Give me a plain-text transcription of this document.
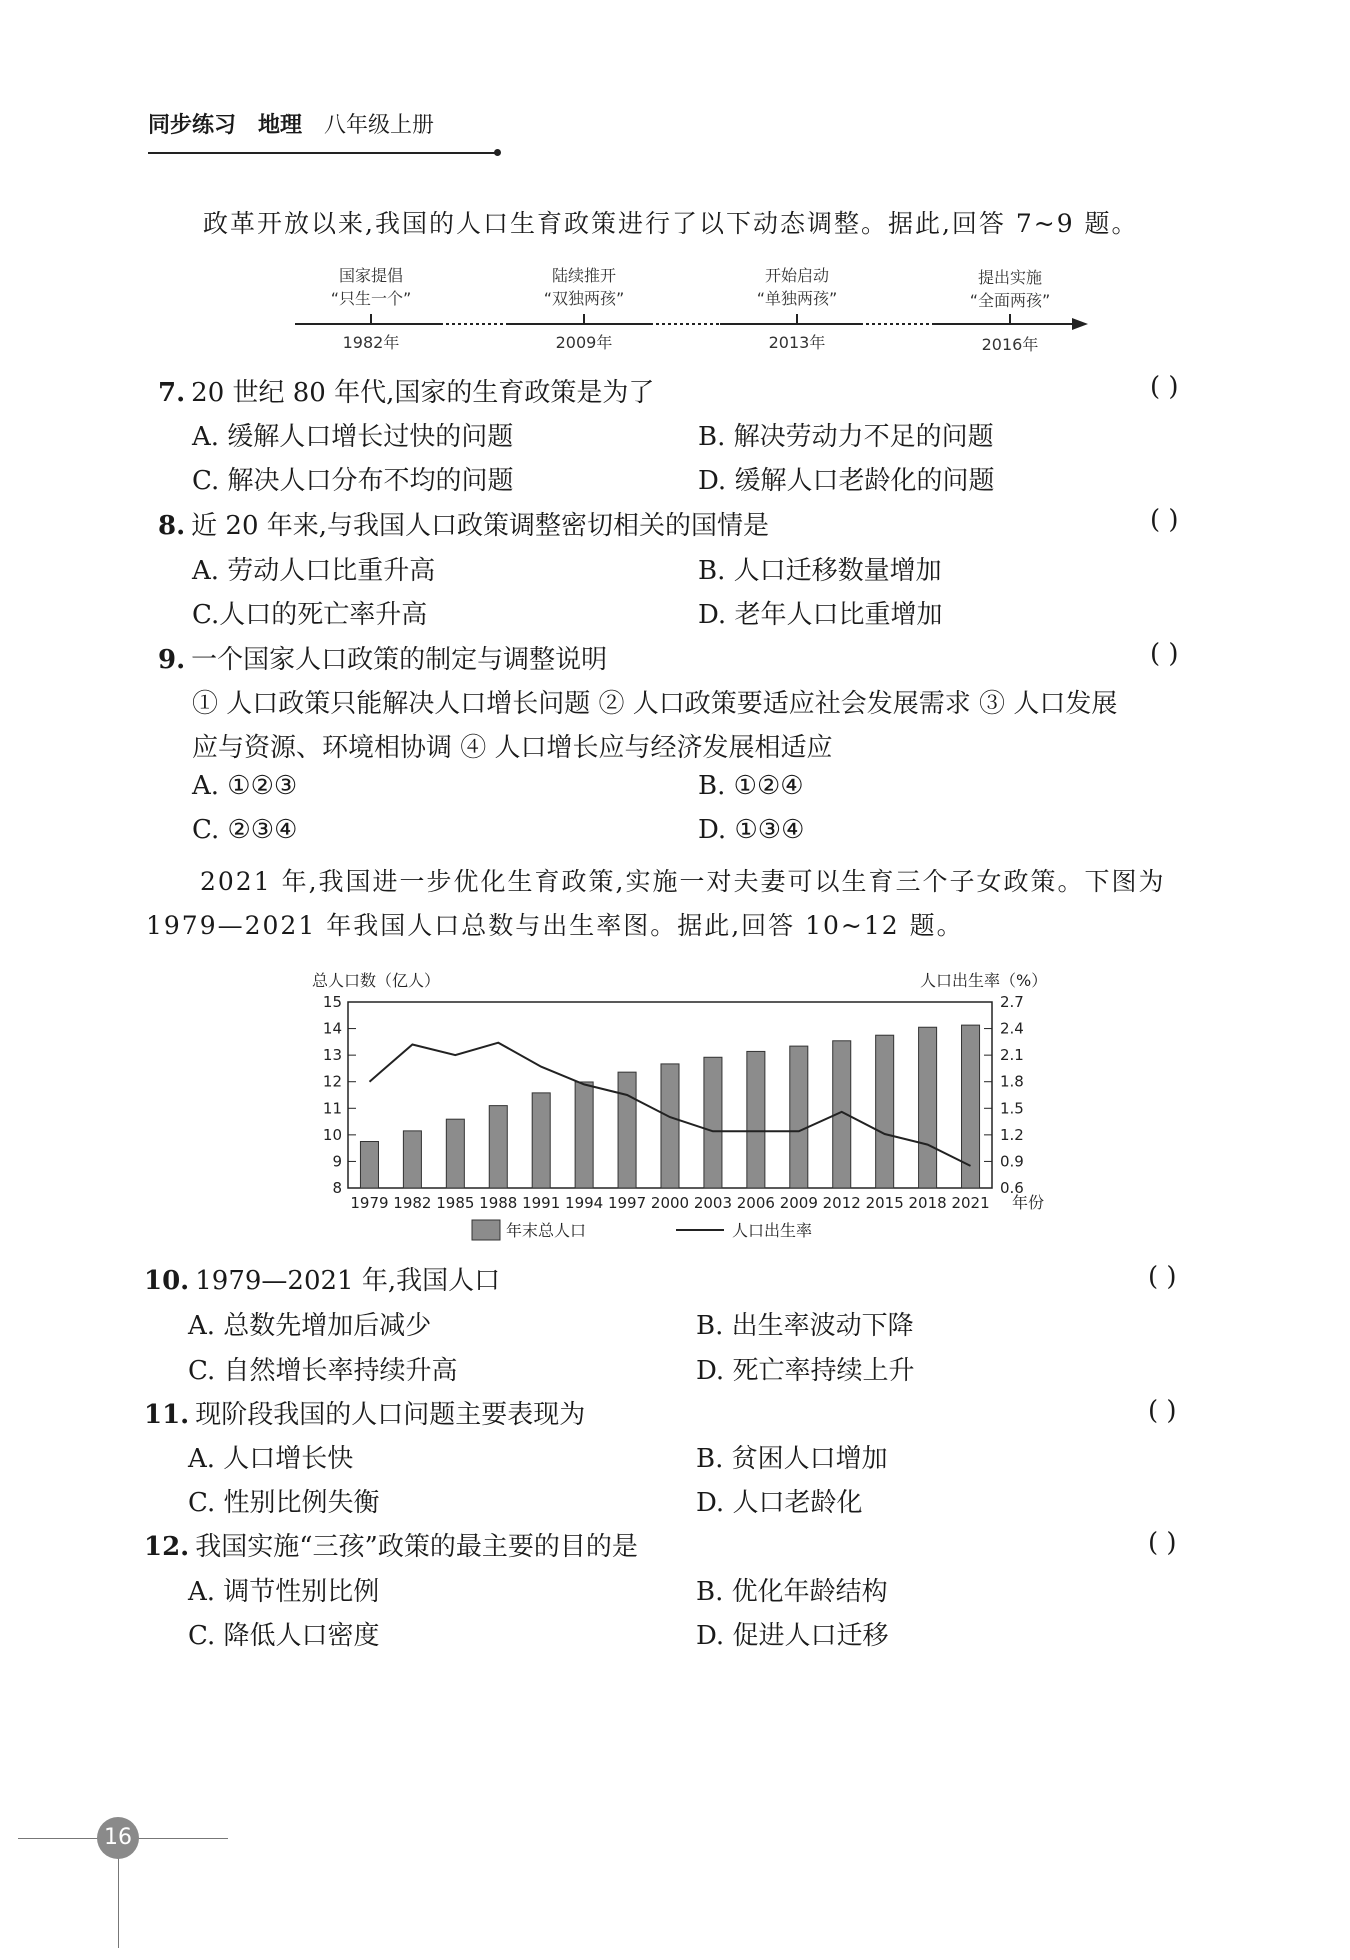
同步练习 地理 八年级上册
政革开放以来,我国的人口生育政策进行了以下动态调整。据此,回答 7~9 题。
国家提倡
“只生一个”
陆续推开
“双独两孩”
开始启动
“单独两孩”
提出实施
“全面两孩”
1982年	2009年	2013年	2016年
7. 20 世纪 80 年代,国家的生育政策是为了	( )
A. 缓解人口增长过快的问题	B. 解决劳动力不足的问题
C. 解决人口分布不均的问题	D. 缓解人口老龄化的问题
8. 近 20 年来,与我国人口政策调整密切相关的国情是	( )
A. 劳动人口比重升高	B. 人口迁移数量增加
C.人口的死亡率升高	D. 老年人口比重增加
9. 一个国家人口政策的制定与调整说明	( )
① 人口政策只能解决人口增长问题 ② 人口政策要适应社会发展需求 ③ 人口发展
应与资源、环境相协调 ④ 人口增长应与经济发展相适应
A. ①②③	B. ①②④
C. ②③④	D. ①③④
2021 年,我国进一步优化生育政策,实施一对夫妻可以生育三个子女政策。下图为
1979—2021 年我国人口总数与出生率图。据此,回答 10~12 题。
总人口数（亿人）	人口出生率（%）
8
9
10
11
12
13
14
15
0.6
0.9
1.2
1.5
1.8
2.1
2.4
2.7
1979 1982 1985 1988 1991 1994 1997 2000 2003 2006 2009 2012 2015 2018 2021 年份
年末总人口	人口出生率
10. 1979—2021 年,我国人口	( )
A. 总数先增加后减少	B. 出生率波动下降
C. 自然增长率持续升高	D. 死亡率持续上升
11. 现阶段我国的人口问题主要表现为	( )
A. 人口增长快	B. 贫困人口增加
C. 性别比例失衡	D. 人口老龄化
12. 我国实施“三孩”政策的最主要的目的是	( )
A. 调节性别比例	B. 优化年龄结构
C. 降低人口密度	D. 促进人口迁移
16
